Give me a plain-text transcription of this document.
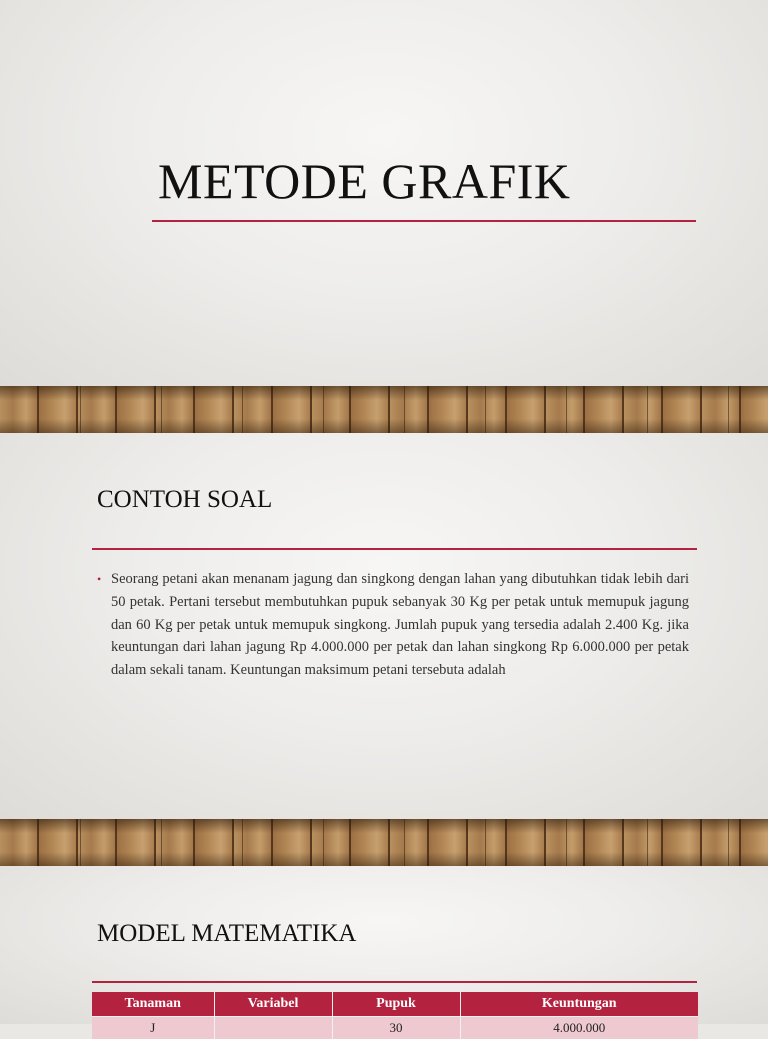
METODE GRAFIK
CONTOH SOAL
• Seorang petani akan menanam jagung dan singkong dengan lahan yang dibutuhkan tidak lebih dari 50 petak. Pertani tersebut membutuhkan pupuk sebanyak 30 Kg per petak untuk memupuk jagung dan 60 Kg per petak untuk memupuk singkong. Jumlah pupuk yang tersedia adalah 2.400 Kg. jika keuntungan dari lahan jagung Rp 4.000.000 per petak dan lahan singkong Rp 6.000.000 per petak dalam sekali tanam. Keuntungan maksimum petani tersebuta adalah

MODEL MATEMATIKA
Tanaman	Variabel	Pupuk	Keuntungan
J		30	4.000.000
